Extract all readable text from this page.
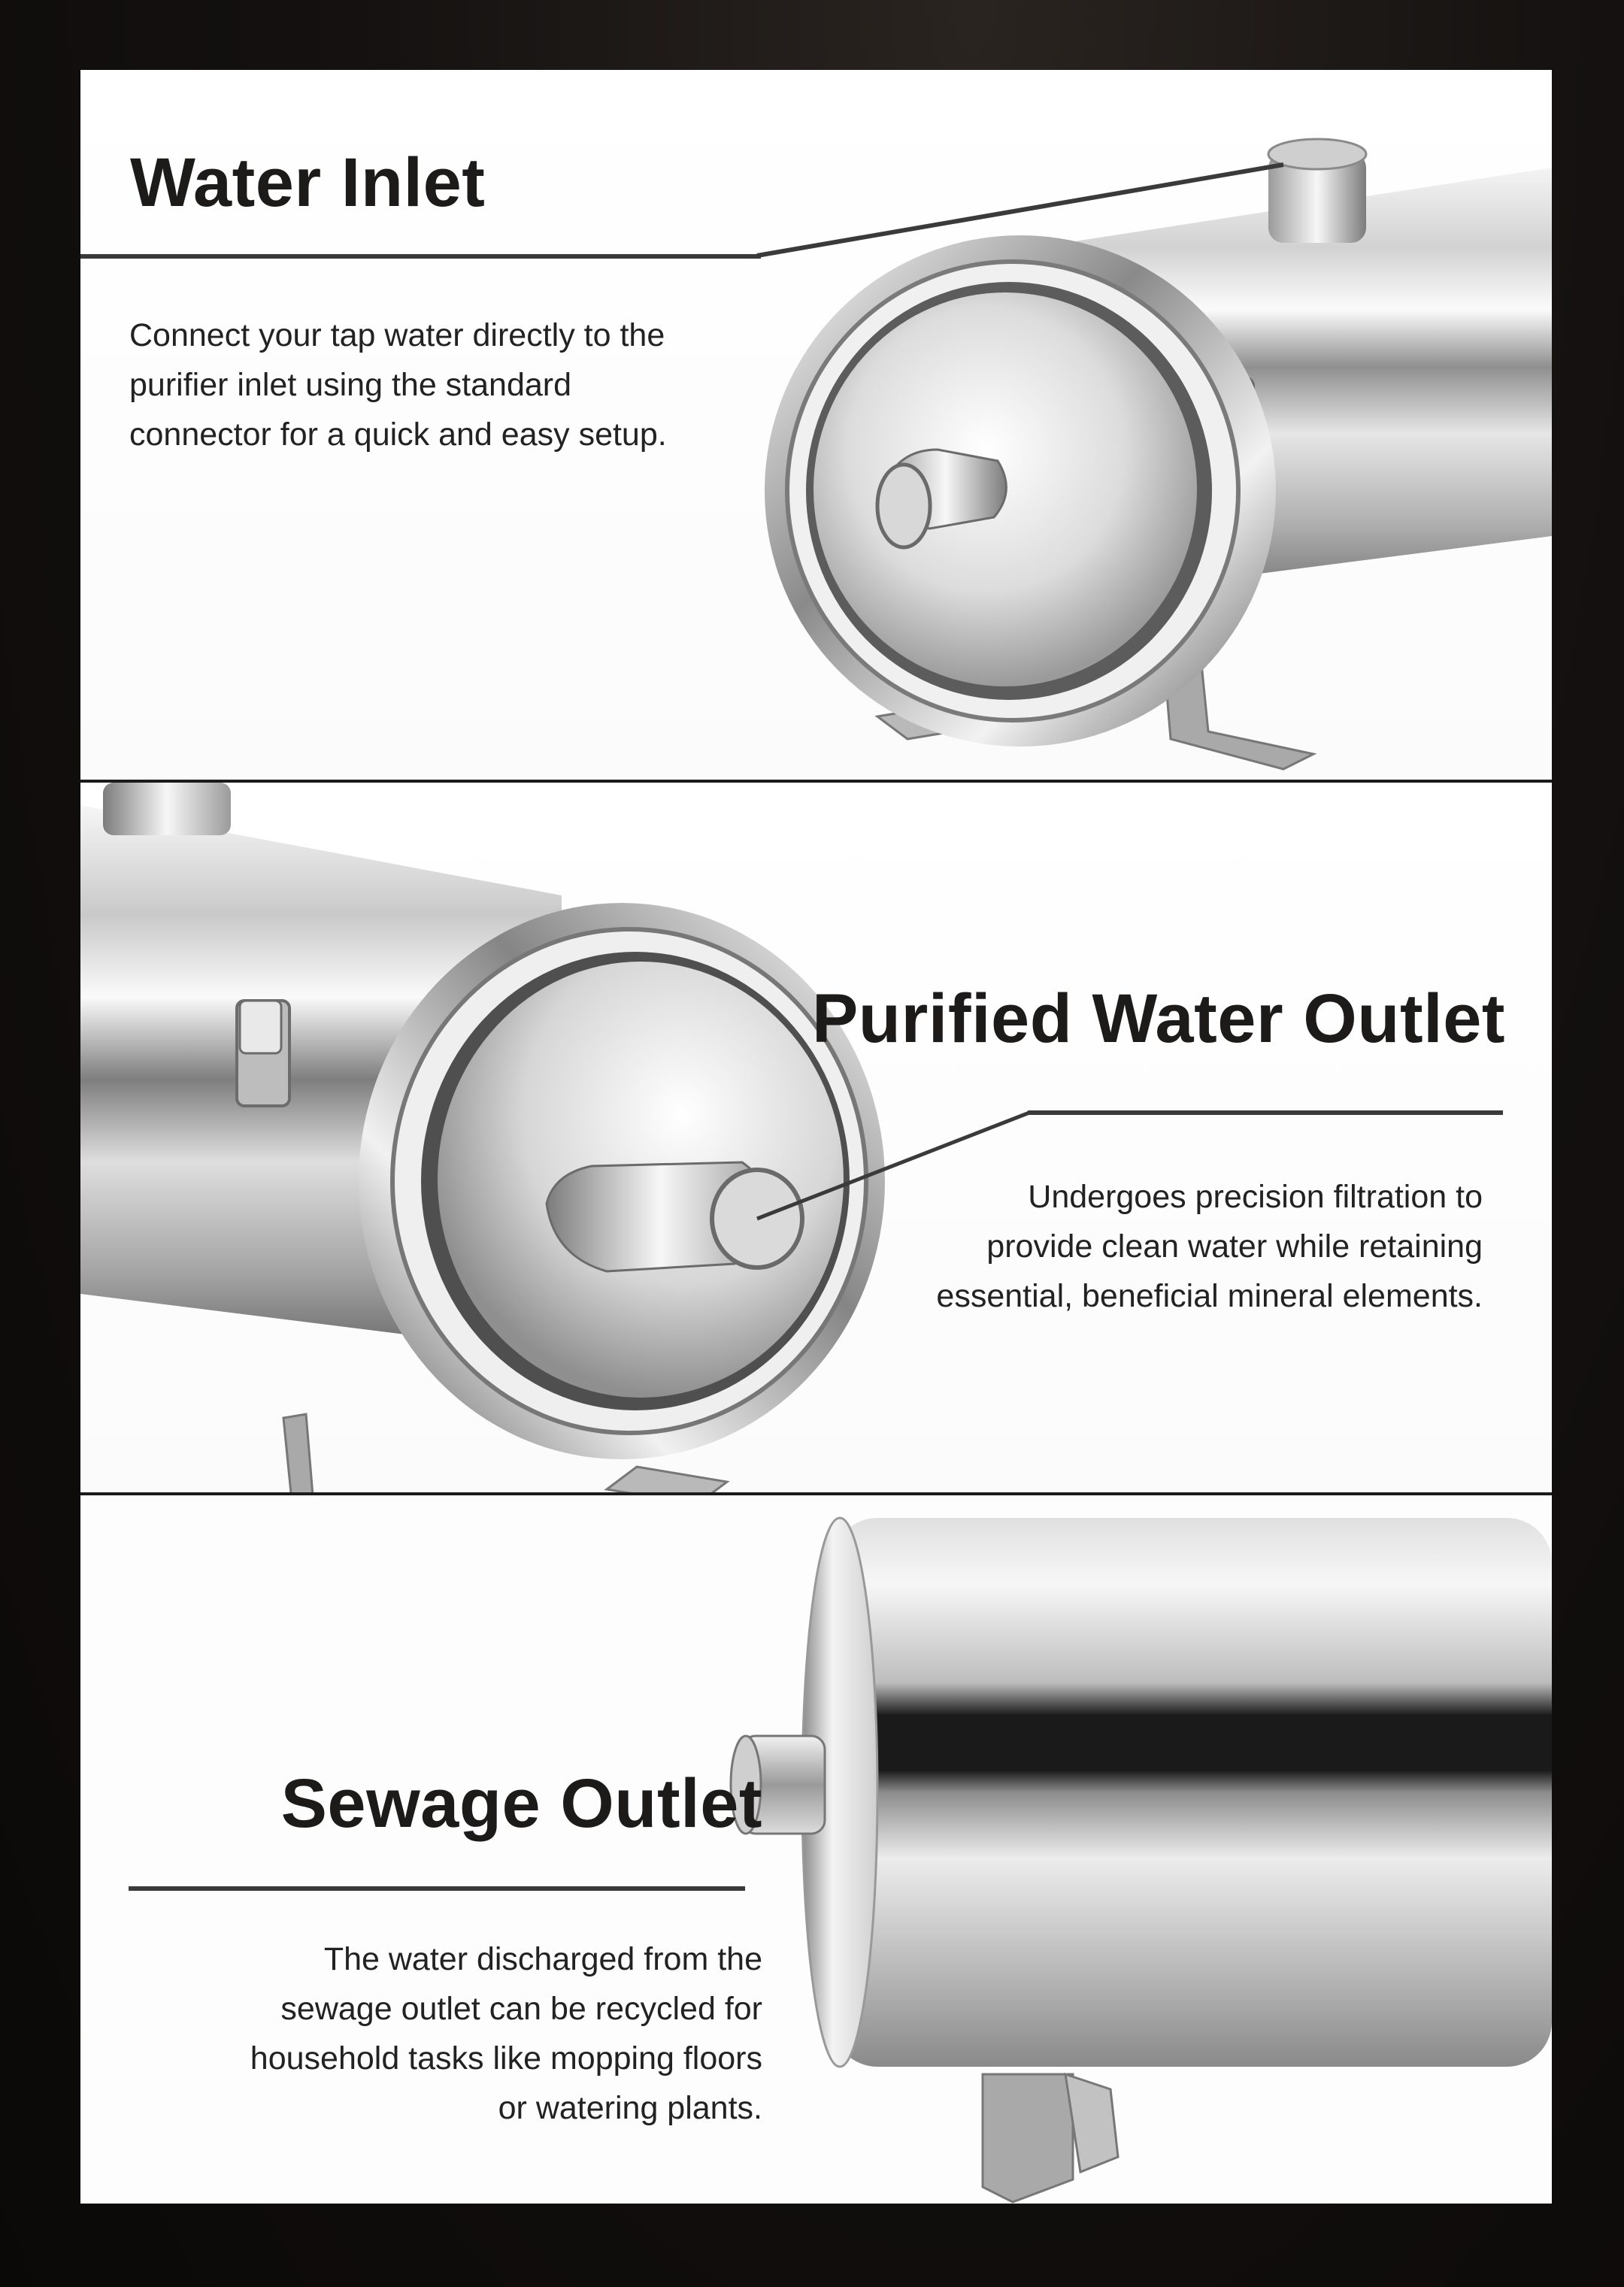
Water Inlet

Connect your tap water directly to the
purifier inlet using the standard
connector for a quick and easy setup.

Purified Water Outlet

Undergoes precision filtration to
provide clean water while retaining
essential, beneficial mineral elements.

Sewage Outlet

The water discharged from the
sewage outlet can be recycled for
household tasks like mopping floors
or watering plants.
